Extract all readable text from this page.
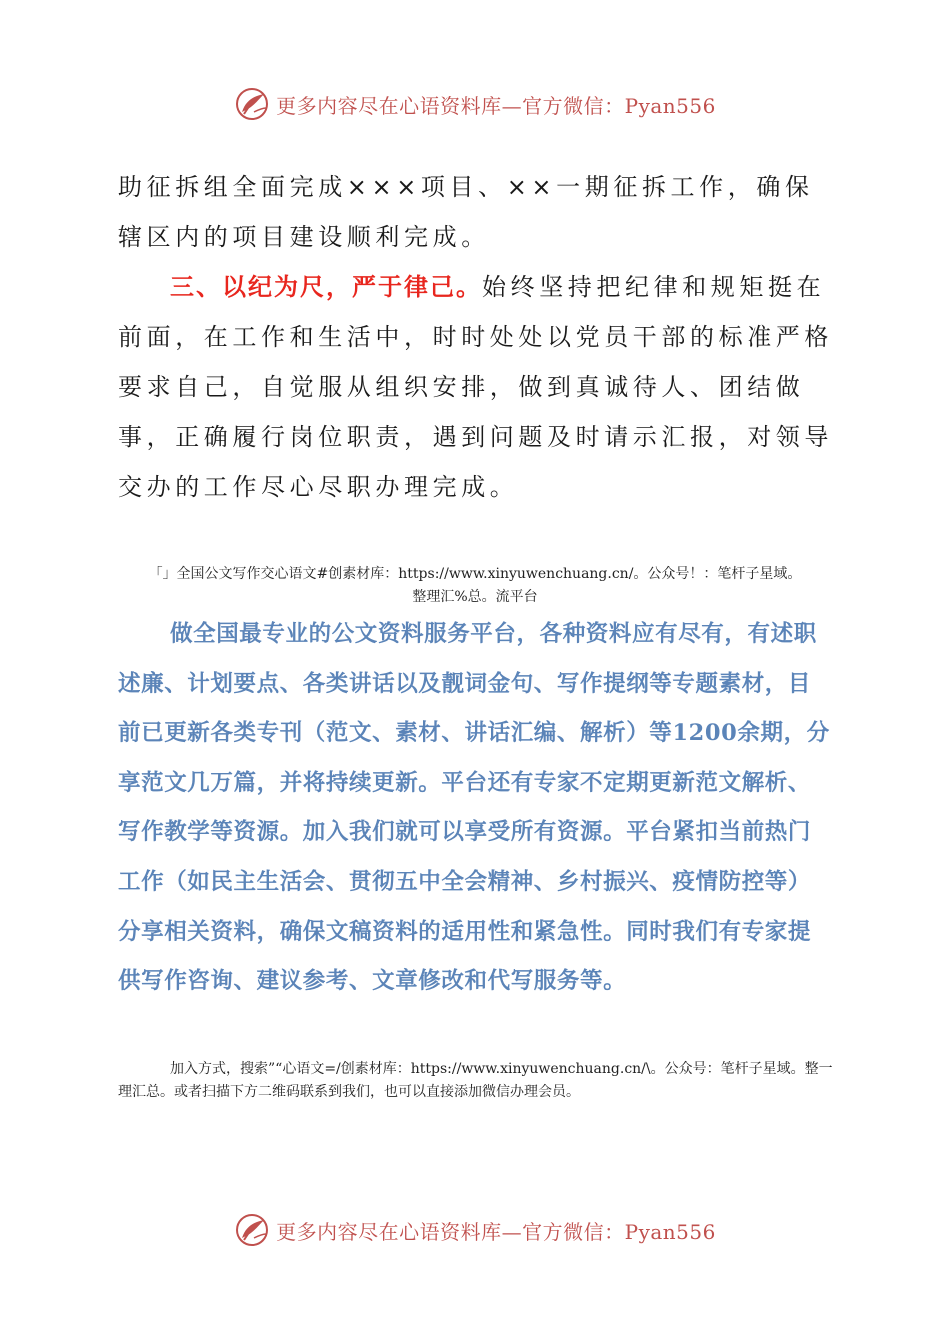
更多内容尽在心语资料库—官方微信：Pyan556
助征拆组全面完成×××项目、××一期征拆工作，确保辖区内的项目建设顺利完成。
三、以纪为尺，严于律己。始终坚持把纪律和规矩挺在前面，在工作和生活中，时时处处以党员干部的标准严格要求自己，自觉服从组织安排，做到真诚待人、团结做事，正确履行岗位职责，遇到问题及时请示汇报，对领导交办的工作尽心尽职办理完成。
「」全国公文写作交心语文#创素材库：https://www.xinyuwenchuang.cn/。公众号！：笔杆子星域。
整理汇%总。流平台
做全国最专业的公文资料服务平台，各种资料应有尽有，有述职述廉、计划要点、各类讲话以及靓词金句、写作提纲等专题素材，目前已更新各类专刊（范文、素材、讲话汇编、解析）等1200余期，分享范文几万篇，并将持续更新。平台还有专家不定期更新范文解析、写作教学等资源。加入我们就可以享受所有资源。平台紧扣当前热门工作（如民主生活会、贯彻五中全会精神、乡村振兴、疫情防控等）分享相关资料，确保文稿资料的适用性和紧急性。同时我们有专家提供写作咨询、建议参考、文章修改和代写服务等。
加入方式，搜索”“心语文=/创素材库：https://www.xinyuwenchuang.cn/\。公众号：笔杆子星域。整一理汇总。或者扫描下方二维码联系到我们，也可以直接添加微信办理会员。
更多内容尽在心语资料库—官方微信：Pyan556
